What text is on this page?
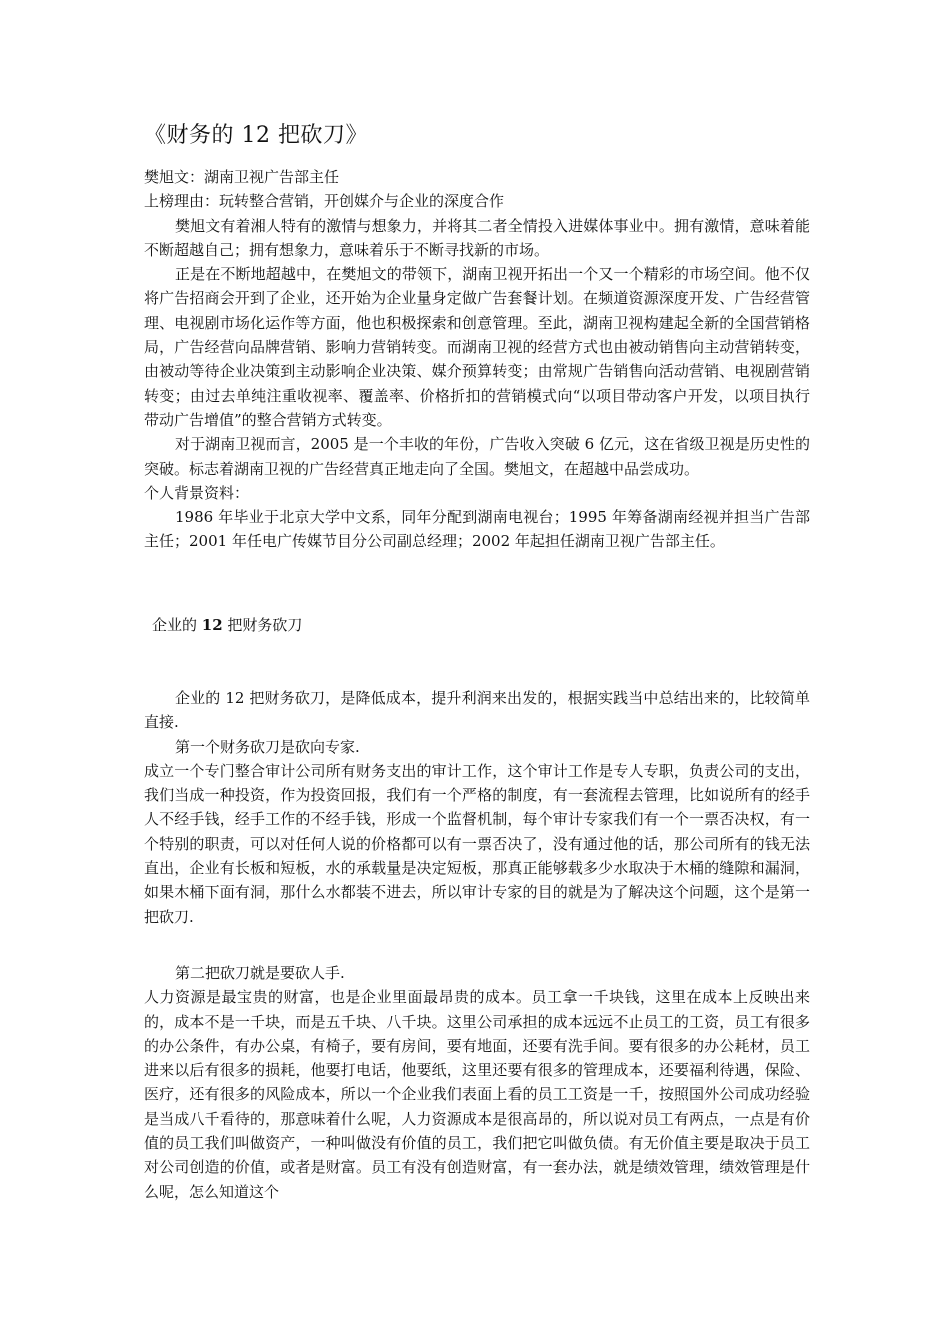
《财务的 12 把砍刀》

樊旭文：湖南卫视广告部主任

上榜理由：玩转整合营销，开创媒介与企业的深度合作

樊旭文有着湘人特有的激情与想象力，并将其二者全情投入进媒体事业中。拥有激情，意味着能不断超越自己；拥有想象力，意味着乐于不断寻找新的市场。

正是在不断地超越中，在樊旭文的带领下，湖南卫视开拓出一个又一个精彩的市场空间。他不仅将广告招商会开到了企业，还开始为企业量身定做广告套餐计划。在频道资源深度开发、广告经营管理、电视剧市场化运作等方面，他也积极探索和创意管理。至此，湖南卫视构建起全新的全国营销格局，广告经营向品牌营销、影响力营销转变。而湖南卫视的经营方式也由被动销售向主动营销转变，由被动等待企业决策到主动影响企业决策、媒介预算转变；由常规广告销售向活动营销、电视剧营销转变；由过去单纯注重收视率、覆盖率、价格折扣的营销模式向“以项目带动客户开发，以项目执行带动广告增值”的整合营销方式转变。

对于湖南卫视而言，2005 是一个丰收的年份，广告收入突破 6 亿元，这在省级卫视是历史性的突破。标志着湖南卫视的广告经营真正地走向了全国。樊旭文，在超越中品尝成功。

个人背景资料：

1986 年毕业于北京大学中文系，同年分配到湖南电视台；1995 年筹备湖南经视并担当广告部主任；2001 年任电广传媒节目分公司副总经理；2002 年起担任湖南卫视广告部主任。

企业的 12 把财务砍刀

企业的 12 把财务砍刀，是降低成本，提升利润来出发的，根据实践当中总结出来的，比较简单直接.

第一个财务砍刀是砍向专家.

成立一个专门整合审计公司所有财务支出的审计工作，这个审计工作是专人专职，负责公司的支出，我们当成一种投资，作为投资回报，我们有一个严格的制度，有一套流程去管理，比如说所有的经手人不经手钱，经手工作的不经手钱，形成一个监督机制，每个审计专家我们有一个一票否决权，有一个特别的职责，可以对任何人说的价格都可以有一票否决了，没有通过他的话，那公司所有的钱无法直出，企业有长板和短板，水的承载量是决定短板，那真正能够载多少水取决于木桶的缝隙和漏洞，如果木桶下面有洞，那什么水都装不进去，所以审计专家的目的就是为了解决这个问题，这个是第一把砍刀.

第二把砍刀就是要砍人手.

人力资源是最宝贵的财富，也是企业里面最昂贵的成本。员工拿一千块钱，这里在成本上反映出来的，成本不是一千块，而是五千块、八千块。这里公司承担的成本远远不止员工的工资，员工有很多的办公条件，有办公桌，有椅子，要有房间，要有地面，还要有洗手间。要有很多的办公耗材，员工进来以后有很多的损耗，他要打电话，他要纸，这里还要有很多的管理成本，还要福利待遇，保险、医疗，还有很多的风险成本，所以一个企业我们表面上看的员工工资是一千，按照国外公司成功经验是当成八千看待的，那意味着什么呢，人力资源成本是很高昂的，所以说对员工有两点，一点是有价值的员工我们叫做资产，一种叫做没有价值的员工，我们把它叫做负债。有无价值主要是取决于员工对公司创造的价值，或者是财富。员工有没有创造财富，有一套办法，就是绩效管理，绩效管理是什么呢，怎么知道这个
